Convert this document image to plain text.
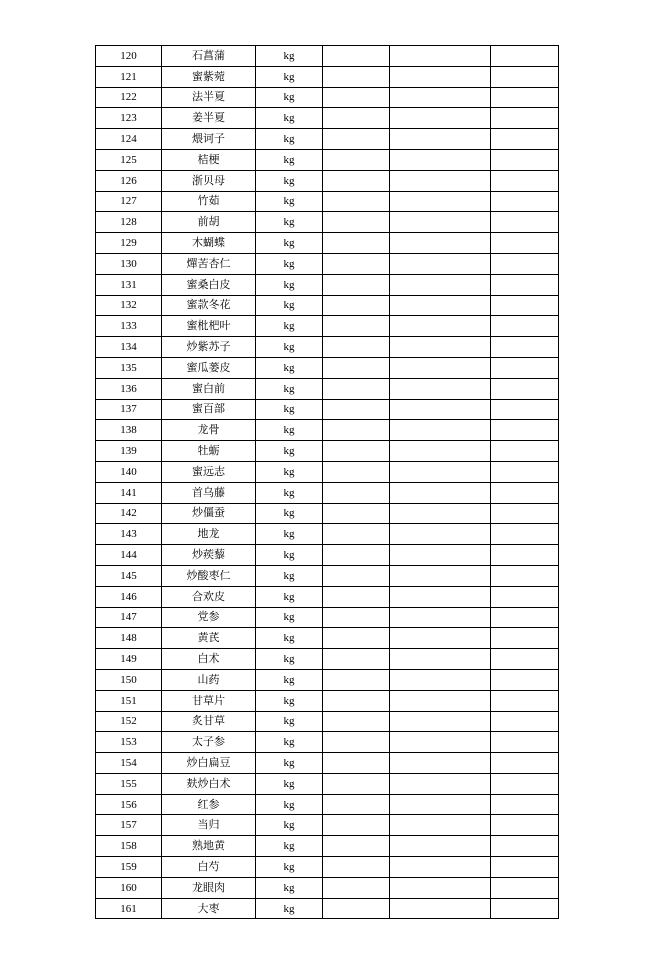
120	石菖蒲	kg			
121	蜜紫菀	kg			
122	法半夏	kg			
123	姜半夏	kg			
124	煨诃子	kg			
125	桔梗	kg			
126	浙贝母	kg			
127	竹茹	kg			
128	前胡	kg			
129	木蝴蝶	kg			
130	燀苦杏仁	kg			
131	蜜桑白皮	kg			
132	蜜款冬花	kg			
133	蜜枇杷叶	kg			
134	炒紫苏子	kg			
135	蜜瓜蒌皮	kg			
136	蜜白前	kg			
137	蜜百部	kg			
138	龙骨	kg			
139	牡蛎	kg			
140	蜜远志	kg			
141	首乌藤	kg			
142	炒僵蚕	kg			
143	地龙	kg			
144	炒蒺藜	kg			
145	炒酸枣仁	kg			
146	合欢皮	kg			
147	党参	kg			
148	黄芪	kg			
149	白术	kg			
150	山药	kg			
151	甘草片	kg			
152	炙甘草	kg			
153	太子参	kg			
154	炒白扁豆	kg			
155	麸炒白术	kg			
156	红参	kg			
157	当归	kg			
158	熟地黄	kg			
159	白芍	kg			
160	龙眼肉	kg			
161	大枣	kg			
